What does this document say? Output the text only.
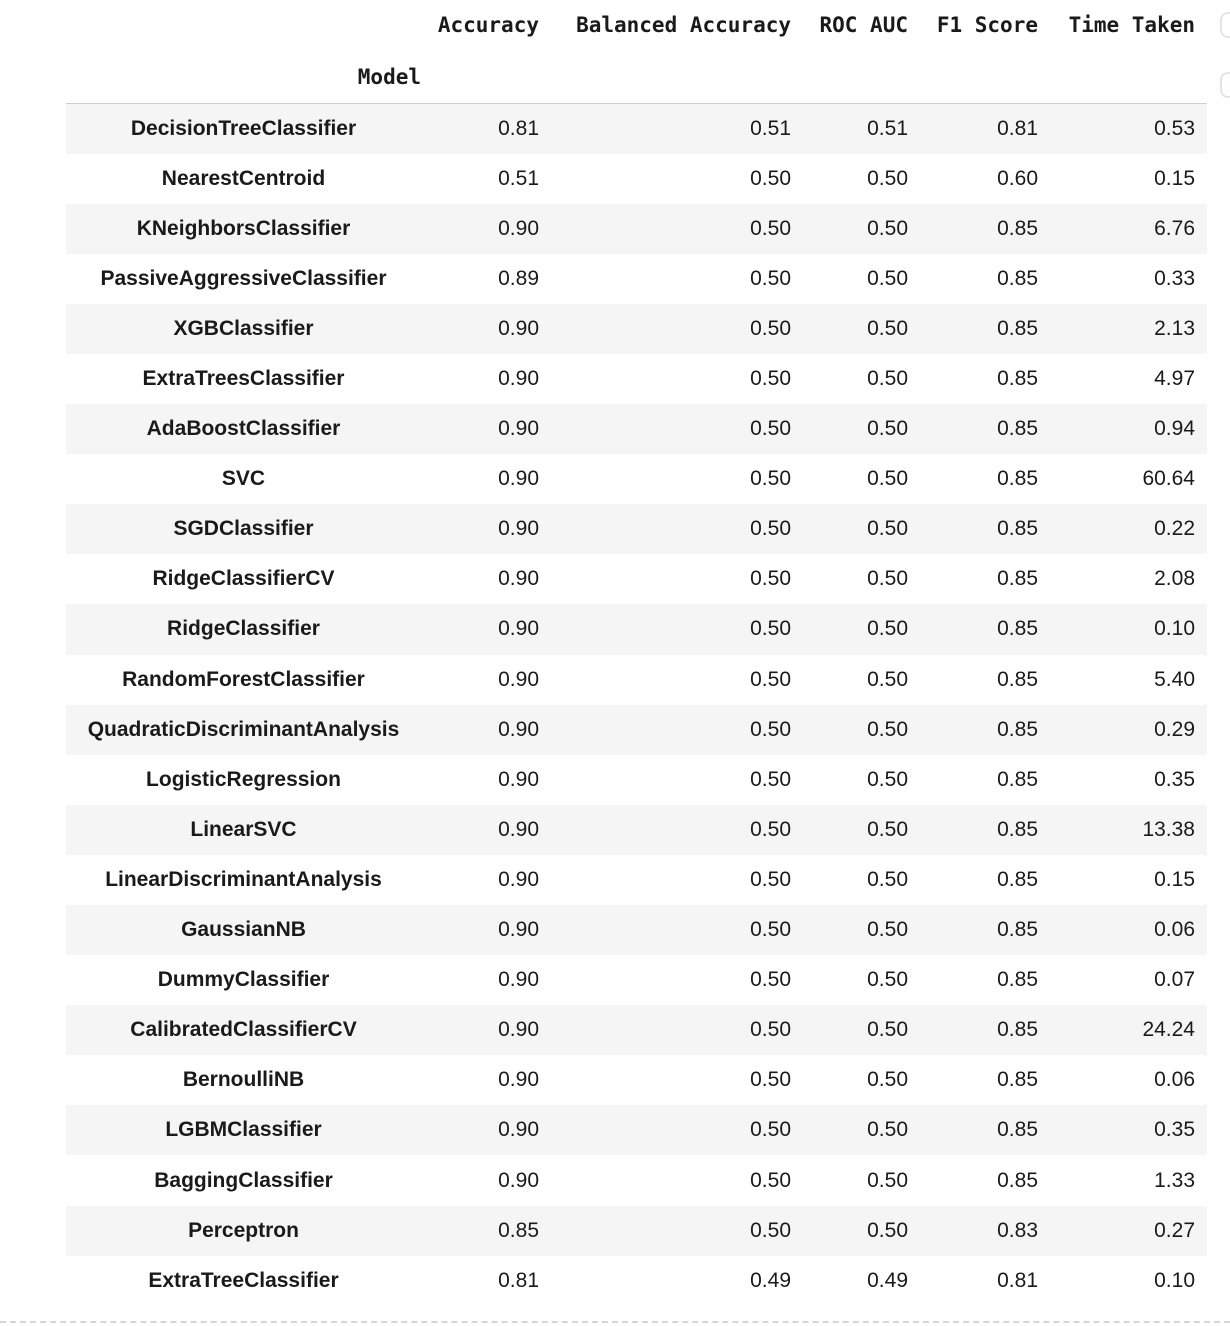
	Accuracy	Balanced Accuracy	ROC AUC	F1 Score	Time Taken
Model					
DecisionTreeClassifier	0.81	0.51	0.51	0.81	0.53
NearestCentroid	0.51	0.50	0.50	0.60	0.15
KNeighborsClassifier	0.90	0.50	0.50	0.85	6.76
PassiveAggressiveClassifier	0.89	0.50	0.50	0.85	0.33
XGBClassifier	0.90	0.50	0.50	0.85	2.13
ExtraTreesClassifier	0.90	0.50	0.50	0.85	4.97
AdaBoostClassifier	0.90	0.50	0.50	0.85	0.94
SVC	0.90	0.50	0.50	0.85	60.64
SGDClassifier	0.90	0.50	0.50	0.85	0.22
RidgeClassifierCV	0.90	0.50	0.50	0.85	2.08
RidgeClassifier	0.90	0.50	0.50	0.85	0.10
RandomForestClassifier	0.90	0.50	0.50	0.85	5.40
QuadraticDiscriminantAnalysis	0.90	0.50	0.50	0.85	0.29
LogisticRegression	0.90	0.50	0.50	0.85	0.35
LinearSVC	0.90	0.50	0.50	0.85	13.38
LinearDiscriminantAnalysis	0.90	0.50	0.50	0.85	0.15
GaussianNB	0.90	0.50	0.50	0.85	0.06
DummyClassifier	0.90	0.50	0.50	0.85	0.07
CalibratedClassifierCV	0.90	0.50	0.50	0.85	24.24
BernoulliNB	0.90	0.50	0.50	0.85	0.06
LGBMClassifier	0.90	0.50	0.50	0.85	0.35
BaggingClassifier	0.90	0.50	0.50	0.85	1.33
Perceptron	0.85	0.50	0.50	0.83	0.27
ExtraTreeClassifier	0.81	0.49	0.49	0.81	0.10
